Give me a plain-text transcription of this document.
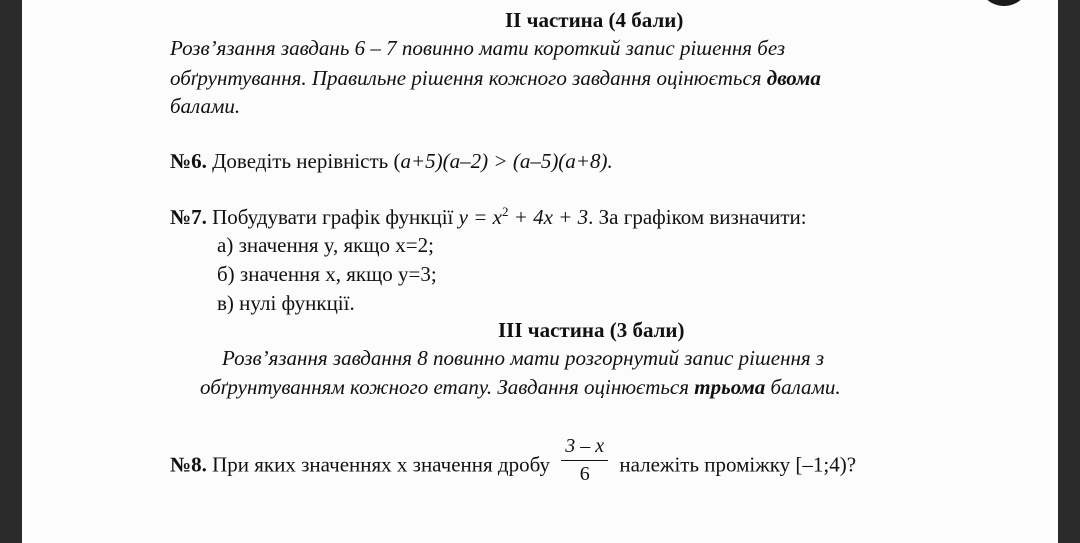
ІІ частина (4 бали)
Розв’язання завдань 6 – 7 повинно мати короткий запис рішення без
обґрунтування. Правильне рішення кожного завдання оцінюється двома
балами.
№6. Доведіть нерівність (a+5)(a–2) > (a–5)(a+8).
№7. Побудувати графік функції $y = x^2 + 4x + 3$. За графіком визначити:
а) значення y, якщо x=2;
б) значення x, якщо y=3;
в) нулі функції.
ІІІ частина (3 бали)
Розв’язання завдання 8 повинно мати розгорнутий запис рішення з
обґрунтуванням кожного етапу. Завдання оцінюється трьома балами.
№8. При яких значеннях x значення дробу $\frac{3 - x}{6}$ належіть проміжку [–1;4)?
